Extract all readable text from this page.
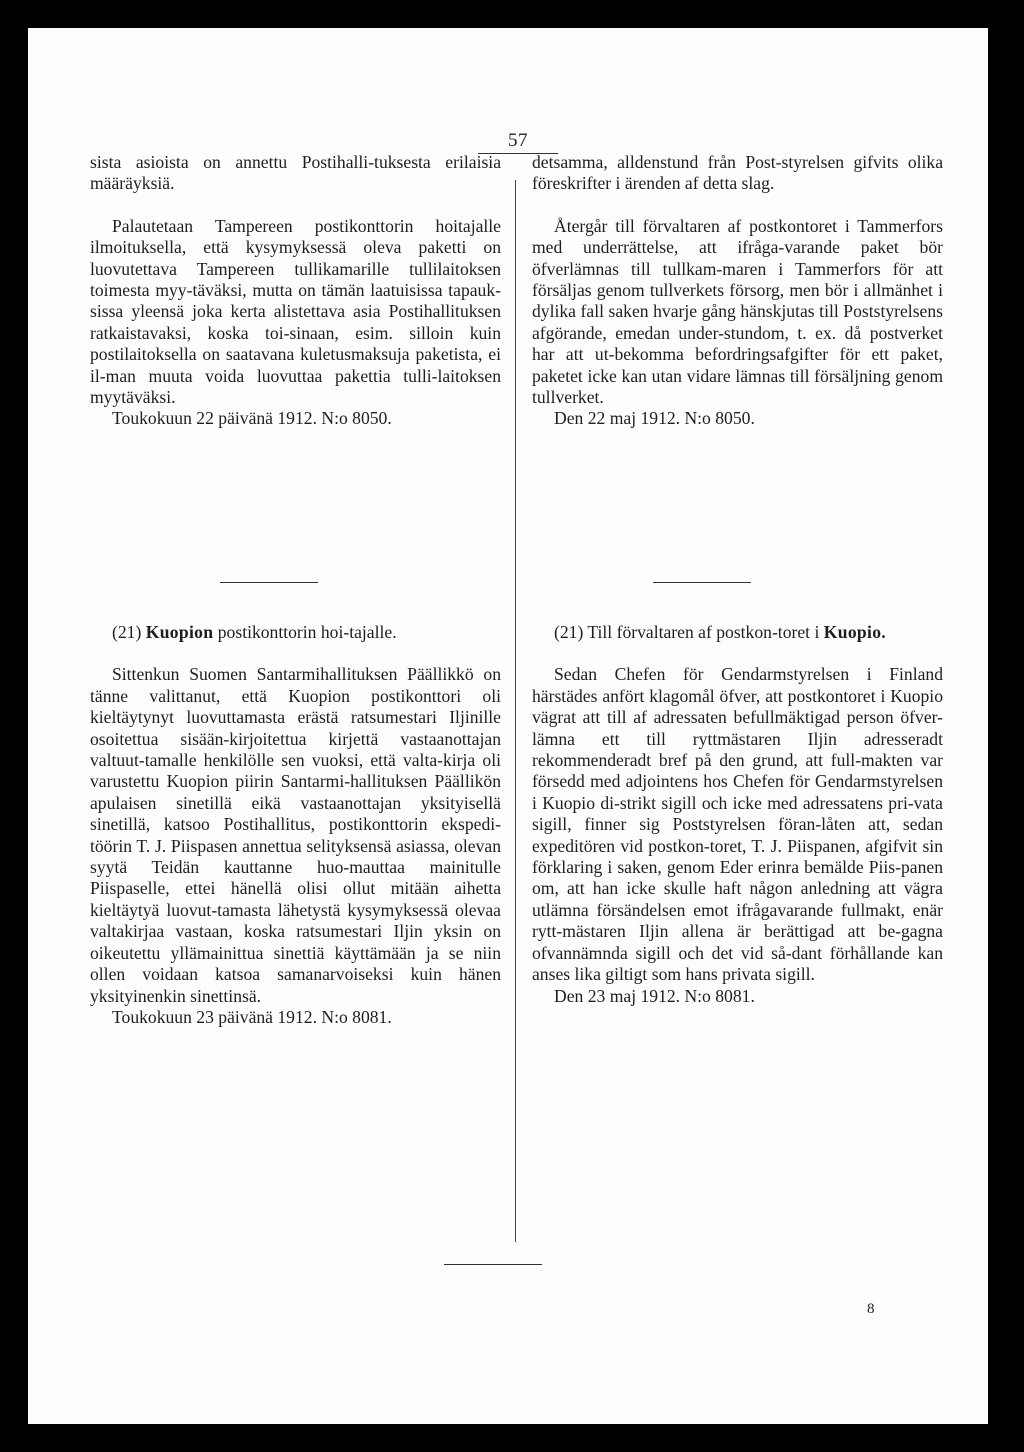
57

sista asioista on annettu Postihalli-tuksesta erilaisia määräyksiä.

Palautetaan Tampereen postikonttorin hoitajalle ilmoituksella, että kysymyksessä oleva paketti on luovutettava Tampereen tullikamarille tullilaitoksen toimesta myy-täväksi, mutta on tämän laatuisissa tapauk-sissa yleensä joka kerta alistettava asia Postihallituksen ratkaistavaksi, koska toi-sinaan, esim. silloin kuin postilaitoksella on saatavana kuletusmaksuja paketista, ei il-man muuta voida luovuttaa pakettia tulli-laitoksen myytäväksi.

Toukokuun 22 päivänä 1912. N:o 8050.

(21) Kuopion postikonttorin hoi-tajalle.

Sittenkun Suomen Santarmihallituksen Päällikkö on tänne valittanut, että Kuopion postikonttori oli kieltäytynyt luovuttamasta erästä ratsumestari Iljinille osoitettua sisään-kirjoitettua kirjettä vastaanottajan valtuut-tamalle henkilölle sen vuoksi, että valta-kirja oli varustettu Kuopion piirin Santarmi-hallituksen Päällikön apulaisen sinetillä eikä vastaanottajan yksityisellä sinetillä, katsoo Postihallitus, postikonttorin ekspedi-töörin T. J. Piispasen annettua selityksensä asiassa, olevan syytä Teidän kauttanne huo-mauttaa mainitulle Piispaselle, ettei hänellä olisi ollut mitään aihetta kieltäytyä luovut-tamasta lähetystä kysymyksessä olevaa valtakirjaa vastaan, koska ratsumestari Iljin yksin on oikeutettu yllämainittua sinettiä käyttämään ja se niin ollen voidaan katsoa samanarvoiseksi kuin hänen yksityinenkin sinettinsä.

Toukokuun 23 päivänä 1912. N:o 8081.

detsamma, alldenstund från Post-styrelsen gifvits olika föreskrifter i ärenden af detta slag.

Återgår till förvaltaren af postkontoret i Tammerfors med underrättelse, att ifråga-varande paket bör öfverlämnas till tullkam-maren i Tammerfors för att försäljas genom tullverkets försorg, men bör i allmänhet i dylika fall saken hvarje gång hänskjutas till Poststyrelsens afgörande, emedan under-stundom, t. ex. då postverket har att ut-bekomma befordringsafgifter för ett paket, paketet icke kan utan vidare lämnas till försäljning genom tullverket.

Den 22 maj 1912. N:o 8050.

(21) Till förvaltaren af postkon-toret i Kuopio.

Sedan Chefen för Gendarmstyrelsen i Finland härstädes anfört klagomål öfver, att postkontoret i Kuopio vägrat att till af adressaten befullmäktigad person öfver-lämna ett till ryttmästaren Iljin adresseradt rekommenderadt bref på den grund, att full-makten var försedd med adjointens hos Chefen för Gendarmstyrelsen i Kuopio di-strikt sigill och icke med adressatens pri-vata sigill, finner sig Poststyrelsen föran-låten att, sedan expeditören vid postkon-toret, T. J. Piispanen, afgifvit sin förklaring i saken, genom Eder erinra bemälde Piis-panen om, att han icke skulle haft någon anledning att vägra utlämna försändelsen emot ifrågavarande fullmakt, enär rytt-mästaren Iljin allena är berättigad att be-gagna ofvannämnda sigill och det vid så-dant förhållande kan anses lika giltigt som hans privata sigill.

Den 23 maj 1912. N:o 8081.

8
